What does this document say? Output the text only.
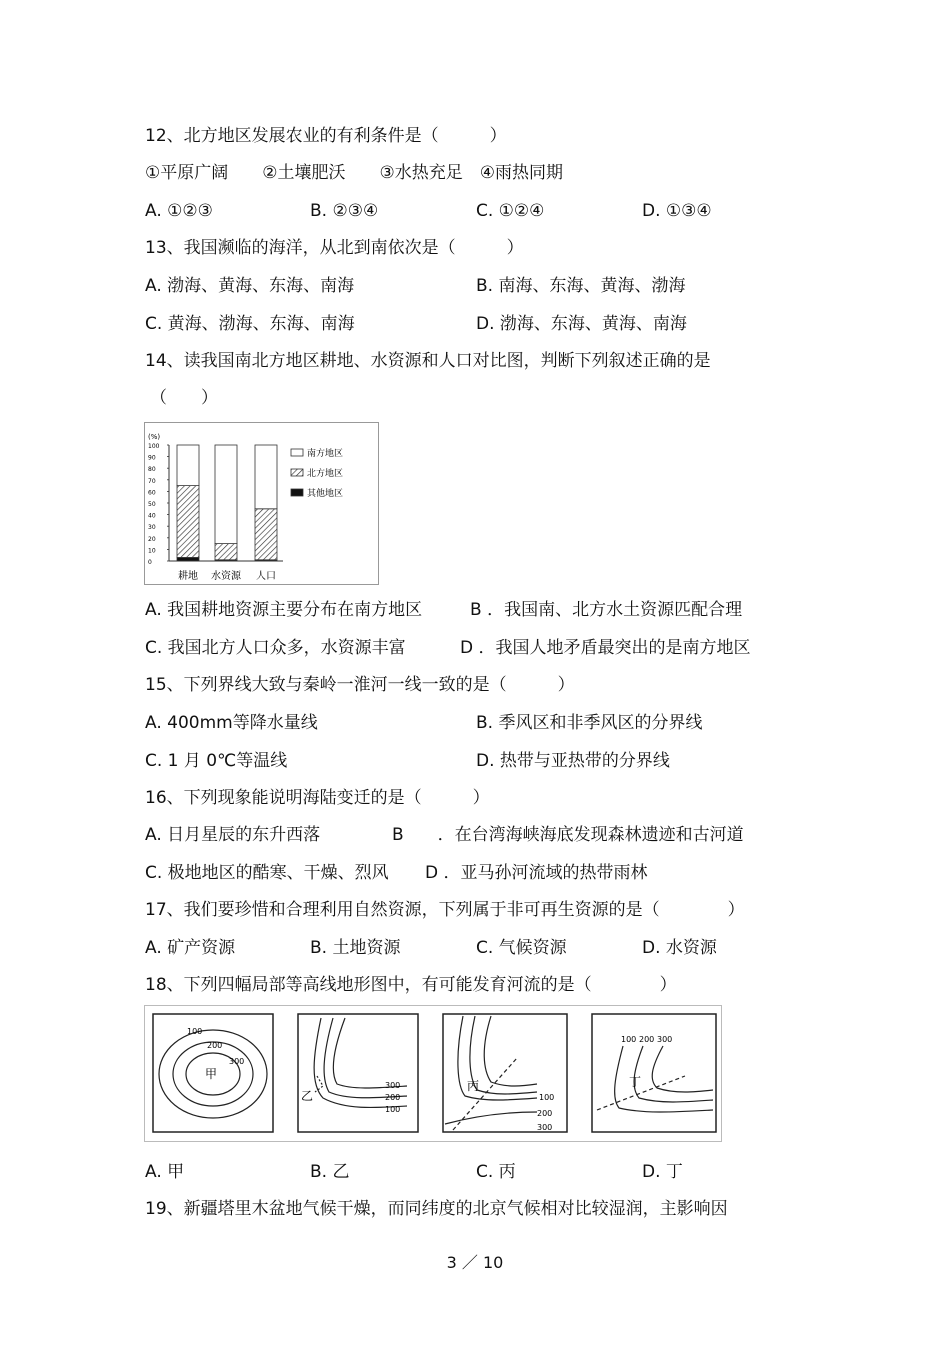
12、北方地区发展农业的有利条件是（　　　）
①平原广阔　　②土壤肥沃　　③水热充足　④雨热同期
A. ①②③	B. ②③④	C. ①②④	D. ①③④
13、我国濒临的海洋，从北到南依次是（　　　）
A. 渤海、黄海、东海、南海	B. 南海、东海、黄海、渤海
C. 黄海、渤海、东海、南海	D. 渤海、东海、黄海、南海
14、读我国南北方地区耕地、水资源和人口对比图，判断下列叙述正确的是
（　　）
(%)
100
90
80
70
60
50
40
30
20
10
0
耕地 水资源 人口
南方地区
北方地区
其他地区
A. 我国耕地资源主要分布在南方地区	B ．我国南、北方水土资源匹配合理
C. 我国北方人口众多，水资源丰富	D ．我国人地矛盾最突出的是南方地区
15、下列界线大致与秦岭一淮河一线一致的是（　　　）
A. 400mm等降水量线	B. 季风区和非季风区的分界线
C. 1 月 0℃等温线	D. 热带与亚热带的分界线
16、下列现象能说明海陆变迁的是（　　　）
A. 日月星辰的东升西落	B　　．在台湾海峡海底发现森林遗迹和古河道
C. 极地地区的酷寒、干燥、烈风 D ．亚马孙河流域的热带雨林
17、我们要珍惜和合理利用自然资源，下列属于非可再生资源的是（　　　　）
A. 矿产资源	B. 土地资源	C. 气候资源	D. 水资源
18、下列四幅局部等高线地形图中，有可能发育河流的是（　　　　）
100
200
300
甲
乙
300
200
100
丙
100
200
300
100 200 300
丁
A. 甲	B. 乙	C. 丙	D. 丁
19、新疆塔里木盆地气候干燥，而同纬度的北京气候相对比较湿润，主影响因
3 ／ 10
